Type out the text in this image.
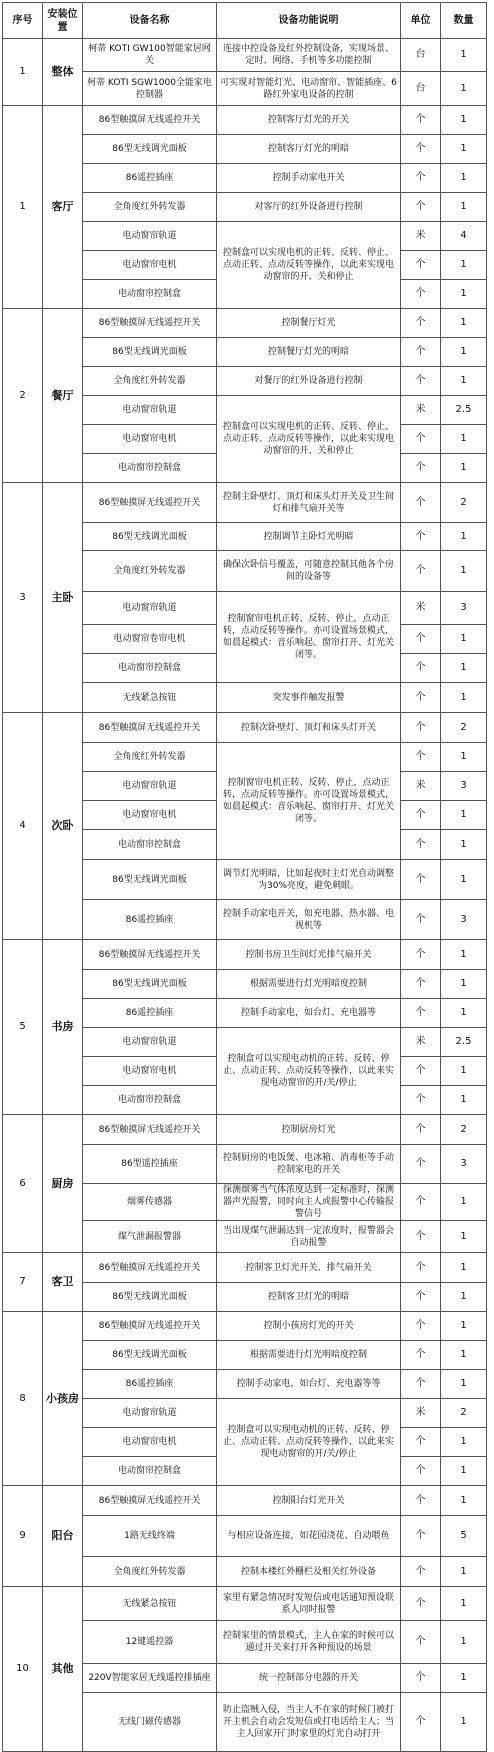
序号	安装位置	设备名称	设备功能说明	单位	数量
1	整体	柯蒂 KOTI GW100智能家居网关	连接中控设备及红外控制设备，实现场景、定时、网络、手机等多功能控制	台	1
		柯蒂 KOTI SGW1000全能家电控制器	可实现对智能灯光、电动窗帘、智能插座、6路红外家电设备的控制	台	1
1	客厅	86型触摸屏无线遥控开关	控制客厅灯光的开关	个	1
		86型无线调光面板	控制客厅灯光的明暗	个	1
		86遥控插座	控制手动家电开关	个	1
		全角度红外转发器	对客厅的红外设备进行控制	个	1
		电动窗帘轨道	控制盒可以实现电机的正转、反转、停止、点动正转、点动反转等操作，以此来实现电动窗帘的开、关和停止	米	4
		电动窗帘电机		个	1
		电动窗帘控制盒		个	1
2	餐厅	86型触摸屏无线遥控开关	控制餐厅灯光	个	1
		86型无线调光面板	控制餐厅灯光的明暗	个	1
		全角度红外转发器	对餐厅的红外设备进行控制	个	1
		电动窗帘轨道	控制盒可以实现电机的正转、反转、停止、点动正转、点动反转等操作，以此来实现电动窗帘的开、关和停止	米	2.5
		电动窗帘电机		个	1
		电动窗帘控制盒		个	1
3	主卧	86型触摸屏无线遥控开关	控制主卧壁灯、顶灯和床头灯开关及卫生间灯和排气扇开关等	个	2
		86型无线调光面板	控制调节主卧灯光明暗	个	1
		全角度红外转发器	确保次卧信号覆盖，可随意控制其他各个房间的设备等	个	1
		电动窗帘轨道	控制窗帘电机正转、反转、停止，点动正转，点动反转等操作。亦可设置场景模式，如晨起模式：音乐响起、窗帘打开、灯光关闭等。	米	3
		电动窗帘卷帘电机		个	1
		电动窗帘控制盒		个	1
		无线紧急按钮	突发事件触发报警	个	1
4	次卧	86型触摸屏无线遥控开关	控制次卧壁灯、顶灯和床头灯开关	个	2
		全角度红外转发器	控制窗帘电机正转、反转、停止，点动正转，点动反转等操作。亦可设置场景模式，如晨起模式：音乐响起、窗帘打开、灯光关闭等。	个	1
		电动窗帘轨道		米	3
		电动窗帘电机		个	1
		电动窗帘控制盒		个	1
		86型无线调光面板	调节灯光明暗，比如起夜时主灯光自动调整为30%亮度，避免刺眼。	个	1
		86遥控插座	控制手动家电开关，如充电器、热水器、电视机等	个	3
5	书房	86型触摸屏无线遥控开关	控制书房卫生间灯光排气扇开关	个	1
		86型无线调光面板	根据需要进行灯光明暗度控制	个	1
		86遥控插座	控制手动家电，如台灯、充电器等	个	1
		电动窗帘轨道	控制盒可以实现电动机的正转、反转、停止、点动正转、点动反转等操作，以此来实现电动窗帘的开/关/停止	米	2.5
		电动窗帘电机		个	1
		电动窗帘控制盒		个	1
6	厨房	86型触摸屏无线遥控开关	控制厨房灯光	个	2
		86型遥控插座	控制厨房的电饭煲、电冰箱、消毒柜等手动控制家电的开关	个	3
		烟雾传感器	探测烟雾当气体浓度达到一定标准时，探测器声光报警，同时向主人或报警中心传输报警信号	个	1
		煤气泄漏报警器	当出现煤气泄漏达到一定浓度时，报警器会自动报警	个	1
7	客卫	86型触摸屏无线遥控开关	控制客卫灯光开关、排气扇开关	个	1
		86型无线调光面板	控制客卫灯光的明暗	个	1
8	小孩房	86型触摸屏无线遥控开关	控制小孩房灯光的开关	个	1
		86型无线调光面板	根据需要进行灯光明暗度控制	个	1
		86遥控插座	控制手动家电，如台灯、充电器等等	个	1
		电动窗帘轨道	控制盒可以实现电动机的正转、反转、停止、点动正转、点动反转等操作，以此来实现电动窗帘的开/关/停止	米	2
		电动窗帘电机		个	1
		电动窗帘控制盒		个	1
9	阳台	86型触摸屏无线遥控开关	控制阳台灯光开关	个	1
		1路无线终端	与相应设备连接，如花园浇花、自动喂鱼	个	5
		全角度红外转发器	控制本楼红外栅栏及相关红外设备	个	1
10	其他	无线紧急按钮	家里有紧急情况时发短信或电话通知预设联系人同时报警	个	1
		12键遥控器	控制家里的情景模式，主人在家的时候可以通过开关来打开各种预设的场景	个	1
		220V智能家居无线遥控排插座	统一控制部分电器的开关	个	1
		无线门磁传感器	防止盗贼入侵，当主人不在家的时候门被打开主机会自动会发短信或打电话给主人；当主人回家开门时家里的灯光自动打开	个	1
